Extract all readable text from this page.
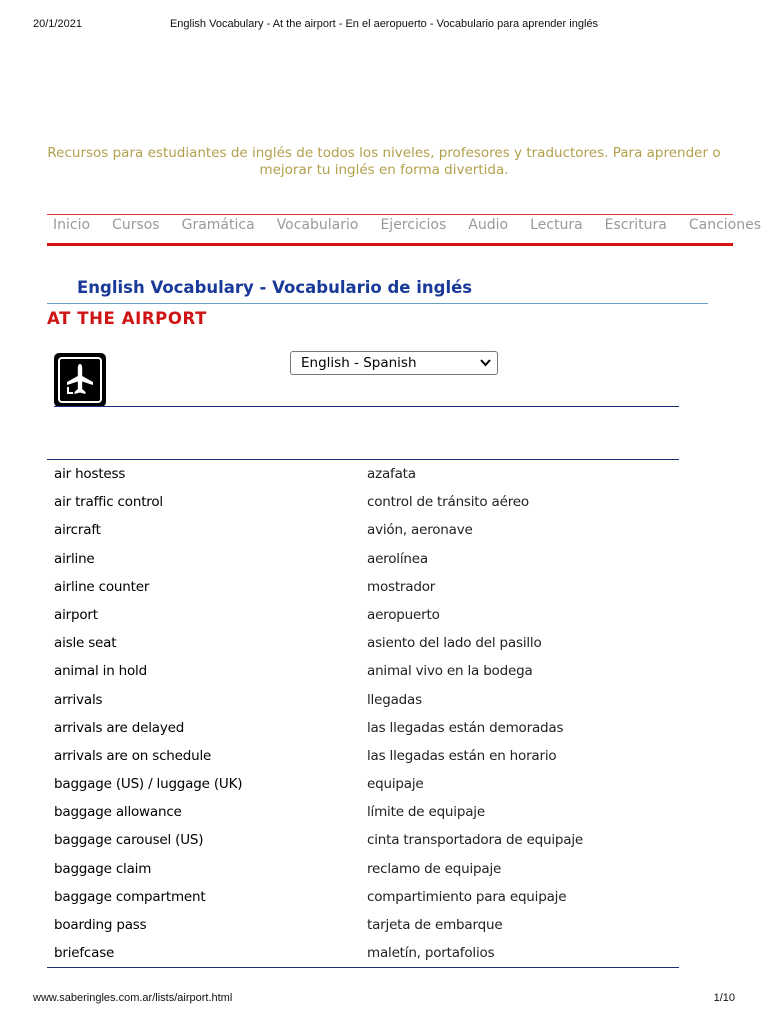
20/1/2021	English Vocabulary - At the airport - En el aeropuerto - Vocabulario para aprender inglés
Recursos para estudiantes de inglés de todos los niveles, profesores y traductores. Para aprender o mejorar tu inglés en forma divertida.
Inicio Cursos Gramática Vocabulario Ejercicios Audio Lectura Escritura Canciones
English Vocabulary - Vocabulario de inglés
AT THE AIRPORT
English - Spanish
air hostess	azafata
air traffic control	control de tránsito aéreo
aircraft	avión, aeronave
airline	aerolínea
airline counter	mostrador
airport	aeropuerto
aisle seat	asiento del lado del pasillo
animal in hold	animal vivo en la bodega
arrivals	llegadas
arrivals are delayed	las llegadas están demoradas
arrivals are on schedule	las llegadas están en horario
baggage (US) / luggage (UK)	equipaje
baggage allowance	límite de equipaje
baggage carousel (US)	cinta transportadora de equipaje
baggage claim	reclamo de equipaje
baggage compartment	compartimiento para equipaje
boarding pass	tarjeta de embarque
briefcase	maletín, portafolios
www.saberingles.com.ar/lists/airport.html	1/10
